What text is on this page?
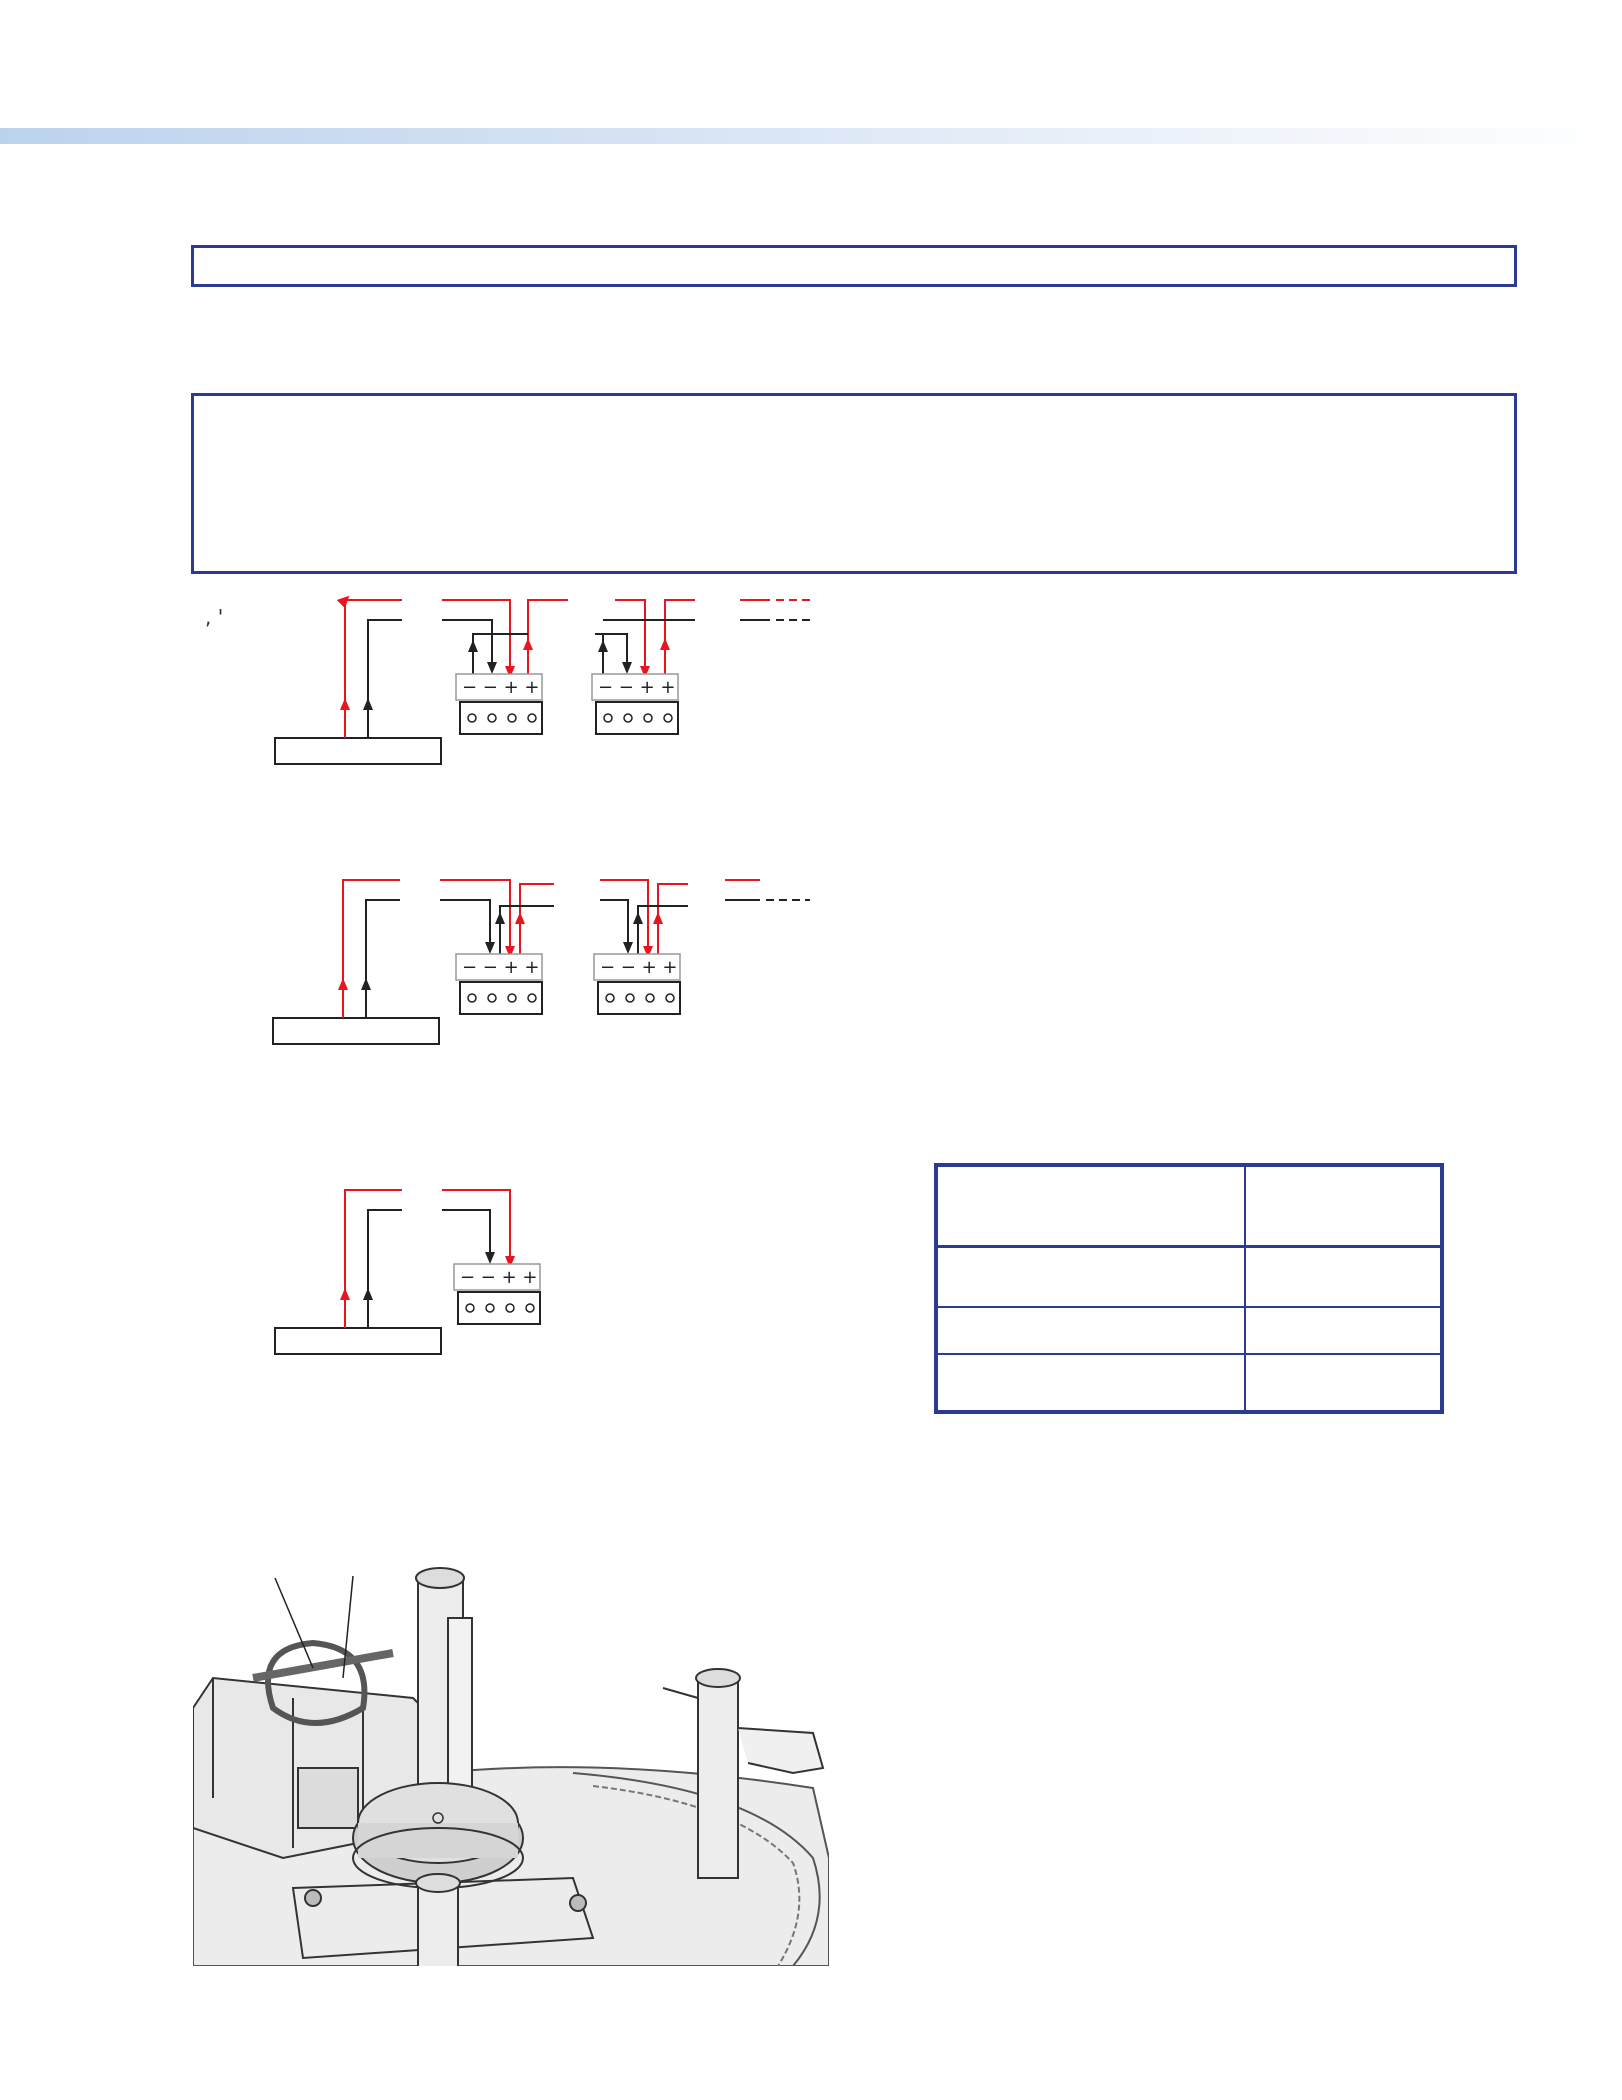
, '
− − + +	− − + +
− − + +	− − + +
− − + +
